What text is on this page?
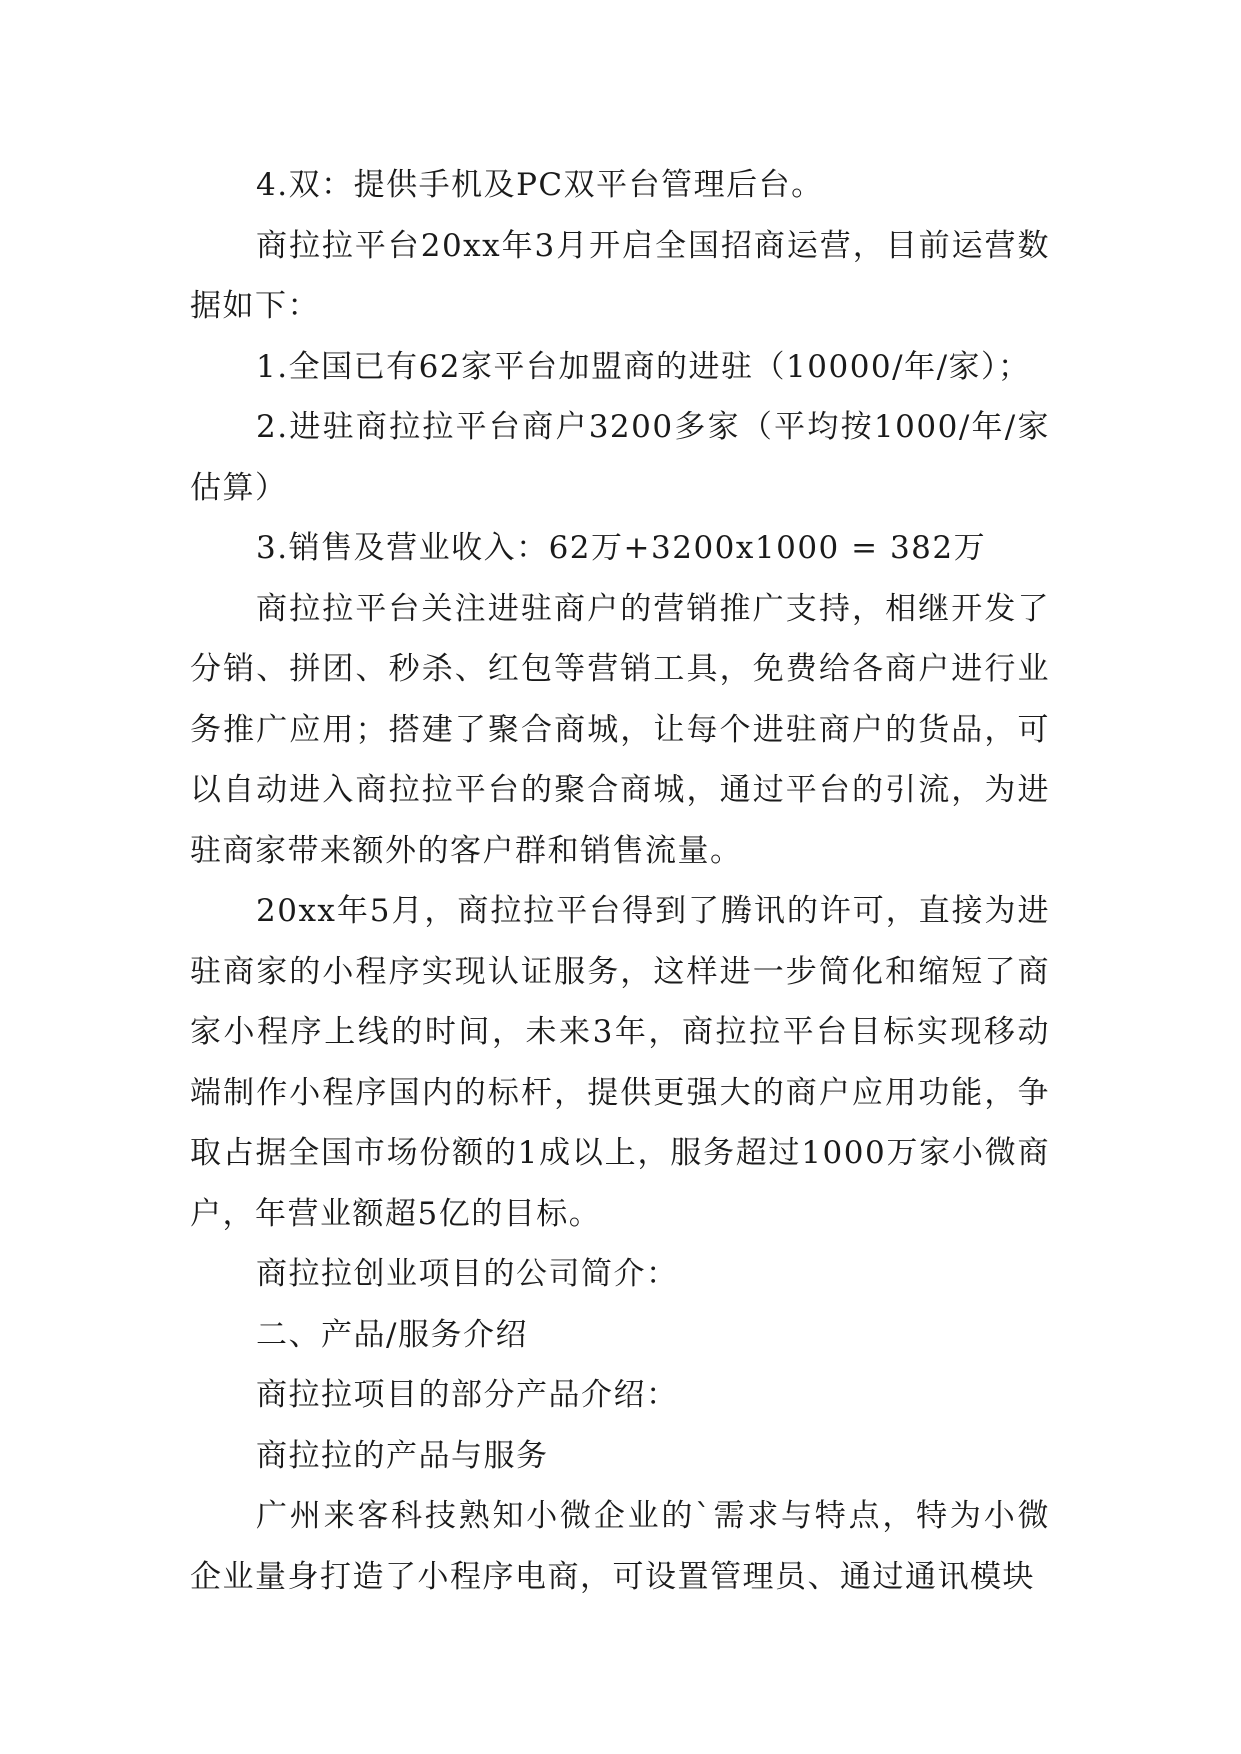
4.双：提供手机及PC双平台管理后台。

商拉拉平台20xx年3月开启全国招商运营，目前运营数据如下：

1.全国已有62家平台加盟商的进驻（10000/年/家）；

2.进驻商拉拉平台商户3200多家（平均按1000/年/家估算）

3.销售及营业收入：62万+3200x1000 = 382万

商拉拉平台关注进驻商户的营销推广支持，相继开发了分销、拼团、秒杀、红包等营销工具，免费给各商户进行业务推广应用；搭建了聚合商城，让每个进驻商户的货品，可以自动进入商拉拉平台的聚合商城，通过平台的引流，为进驻商家带来额外的客户群和销售流量。

20xx年5月，商拉拉平台得到了腾讯的许可，直接为进驻商家的小程序实现认证服务，这样进一步简化和缩短了商家小程序上线的时间，未来3年，商拉拉平台目标实现移动端制作小程序国内的标杆，提供更强大的商户应用功能，争取占据全国市场份额的1成以上，服务超过1000万家小微商户，年营业额超5亿的目标。

商拉拉创业项目的公司简介：

二、产品/服务介绍

商拉拉项目的部分产品介绍：

商拉拉的产品与服务

广州来客科技熟知小微企业的`需求与特点，特为小微企业量身打造了小程序电商，可设置管理员、通过通讯模块
